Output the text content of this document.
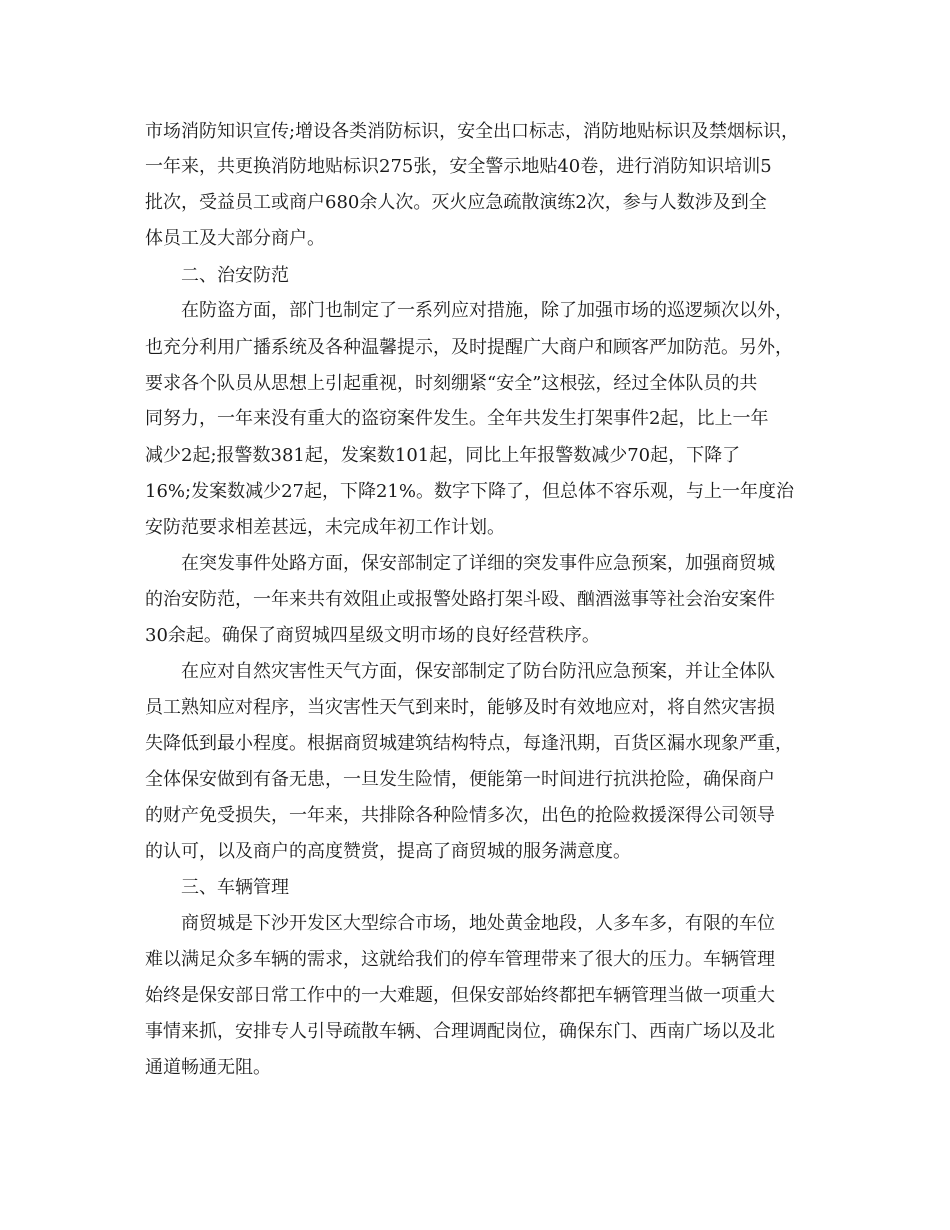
市场消防知识宣传;增设各类消防标识，安全出口标志，消防地贴标识及禁烟标识，
一年来，共更换消防地贴标识275张，安全警示地贴40卷，进行消防知识培训5
批次，受益员工或商户680余人次。灭火应急疏散演练2次，参与人数涉及到全
体员工及大部分商户。
二、治安防范
在防盗方面，部门也制定了一系列应对措施，除了加强市场的巡逻频次以外，
也充分利用广播系统及各种温馨提示，及时提醒广大商户和顾客严加防范。另外，
要求各个队员从思想上引起重视，时刻绷紧“安全”这根弦，经过全体队员的共
同努力，一年来没有重大的盗窃案件发生。全年共发生打架事件2起，比上一年
减少2起;报警数381起，发案数101起，同比上年报警数减少70起，下降了
16%;发案数减少27起，下降21%。数字下降了，但总体不容乐观，与上一年度治
安防范要求相差甚远，未完成年初工作计划。
在突发事件处路方面，保安部制定了详细的突发事件应急预案，加强商贸城
的治安防范，一年来共有效阻止或报警处路打架斗殴、酗酒滋事等社会治安案件
30余起。确保了商贸城四星级文明市场的良好经营秩序。
在应对自然灾害性天气方面，保安部制定了防台防汛应急预案，并让全体队
员工熟知应对程序，当灾害性天气到来时，能够及时有效地应对，将自然灾害损
失降低到最小程度。根据商贸城建筑结构特点，每逢汛期，百货区漏水现象严重，
全体保安做到有备无患，一旦发生险情，便能第一时间进行抗洪抢险，确保商户
的财产免受损失，一年来，共排除各种险情多次，出色的抢险救援深得公司领导
的认可，以及商户的高度赞赏，提高了商贸城的服务满意度。
三、车辆管理
商贸城是下沙开发区大型综合市场，地处黄金地段，人多车多，有限的车位
难以满足众多车辆的需求，这就给我们的停车管理带来了很大的压力。车辆管理
始终是保安部日常工作中的一大难题，但保安部始终都把车辆管理当做一项重大
事情来抓，安排专人引导疏散车辆、合理调配岗位，确保东门、西南广场以及北
通道畅通无阻。
